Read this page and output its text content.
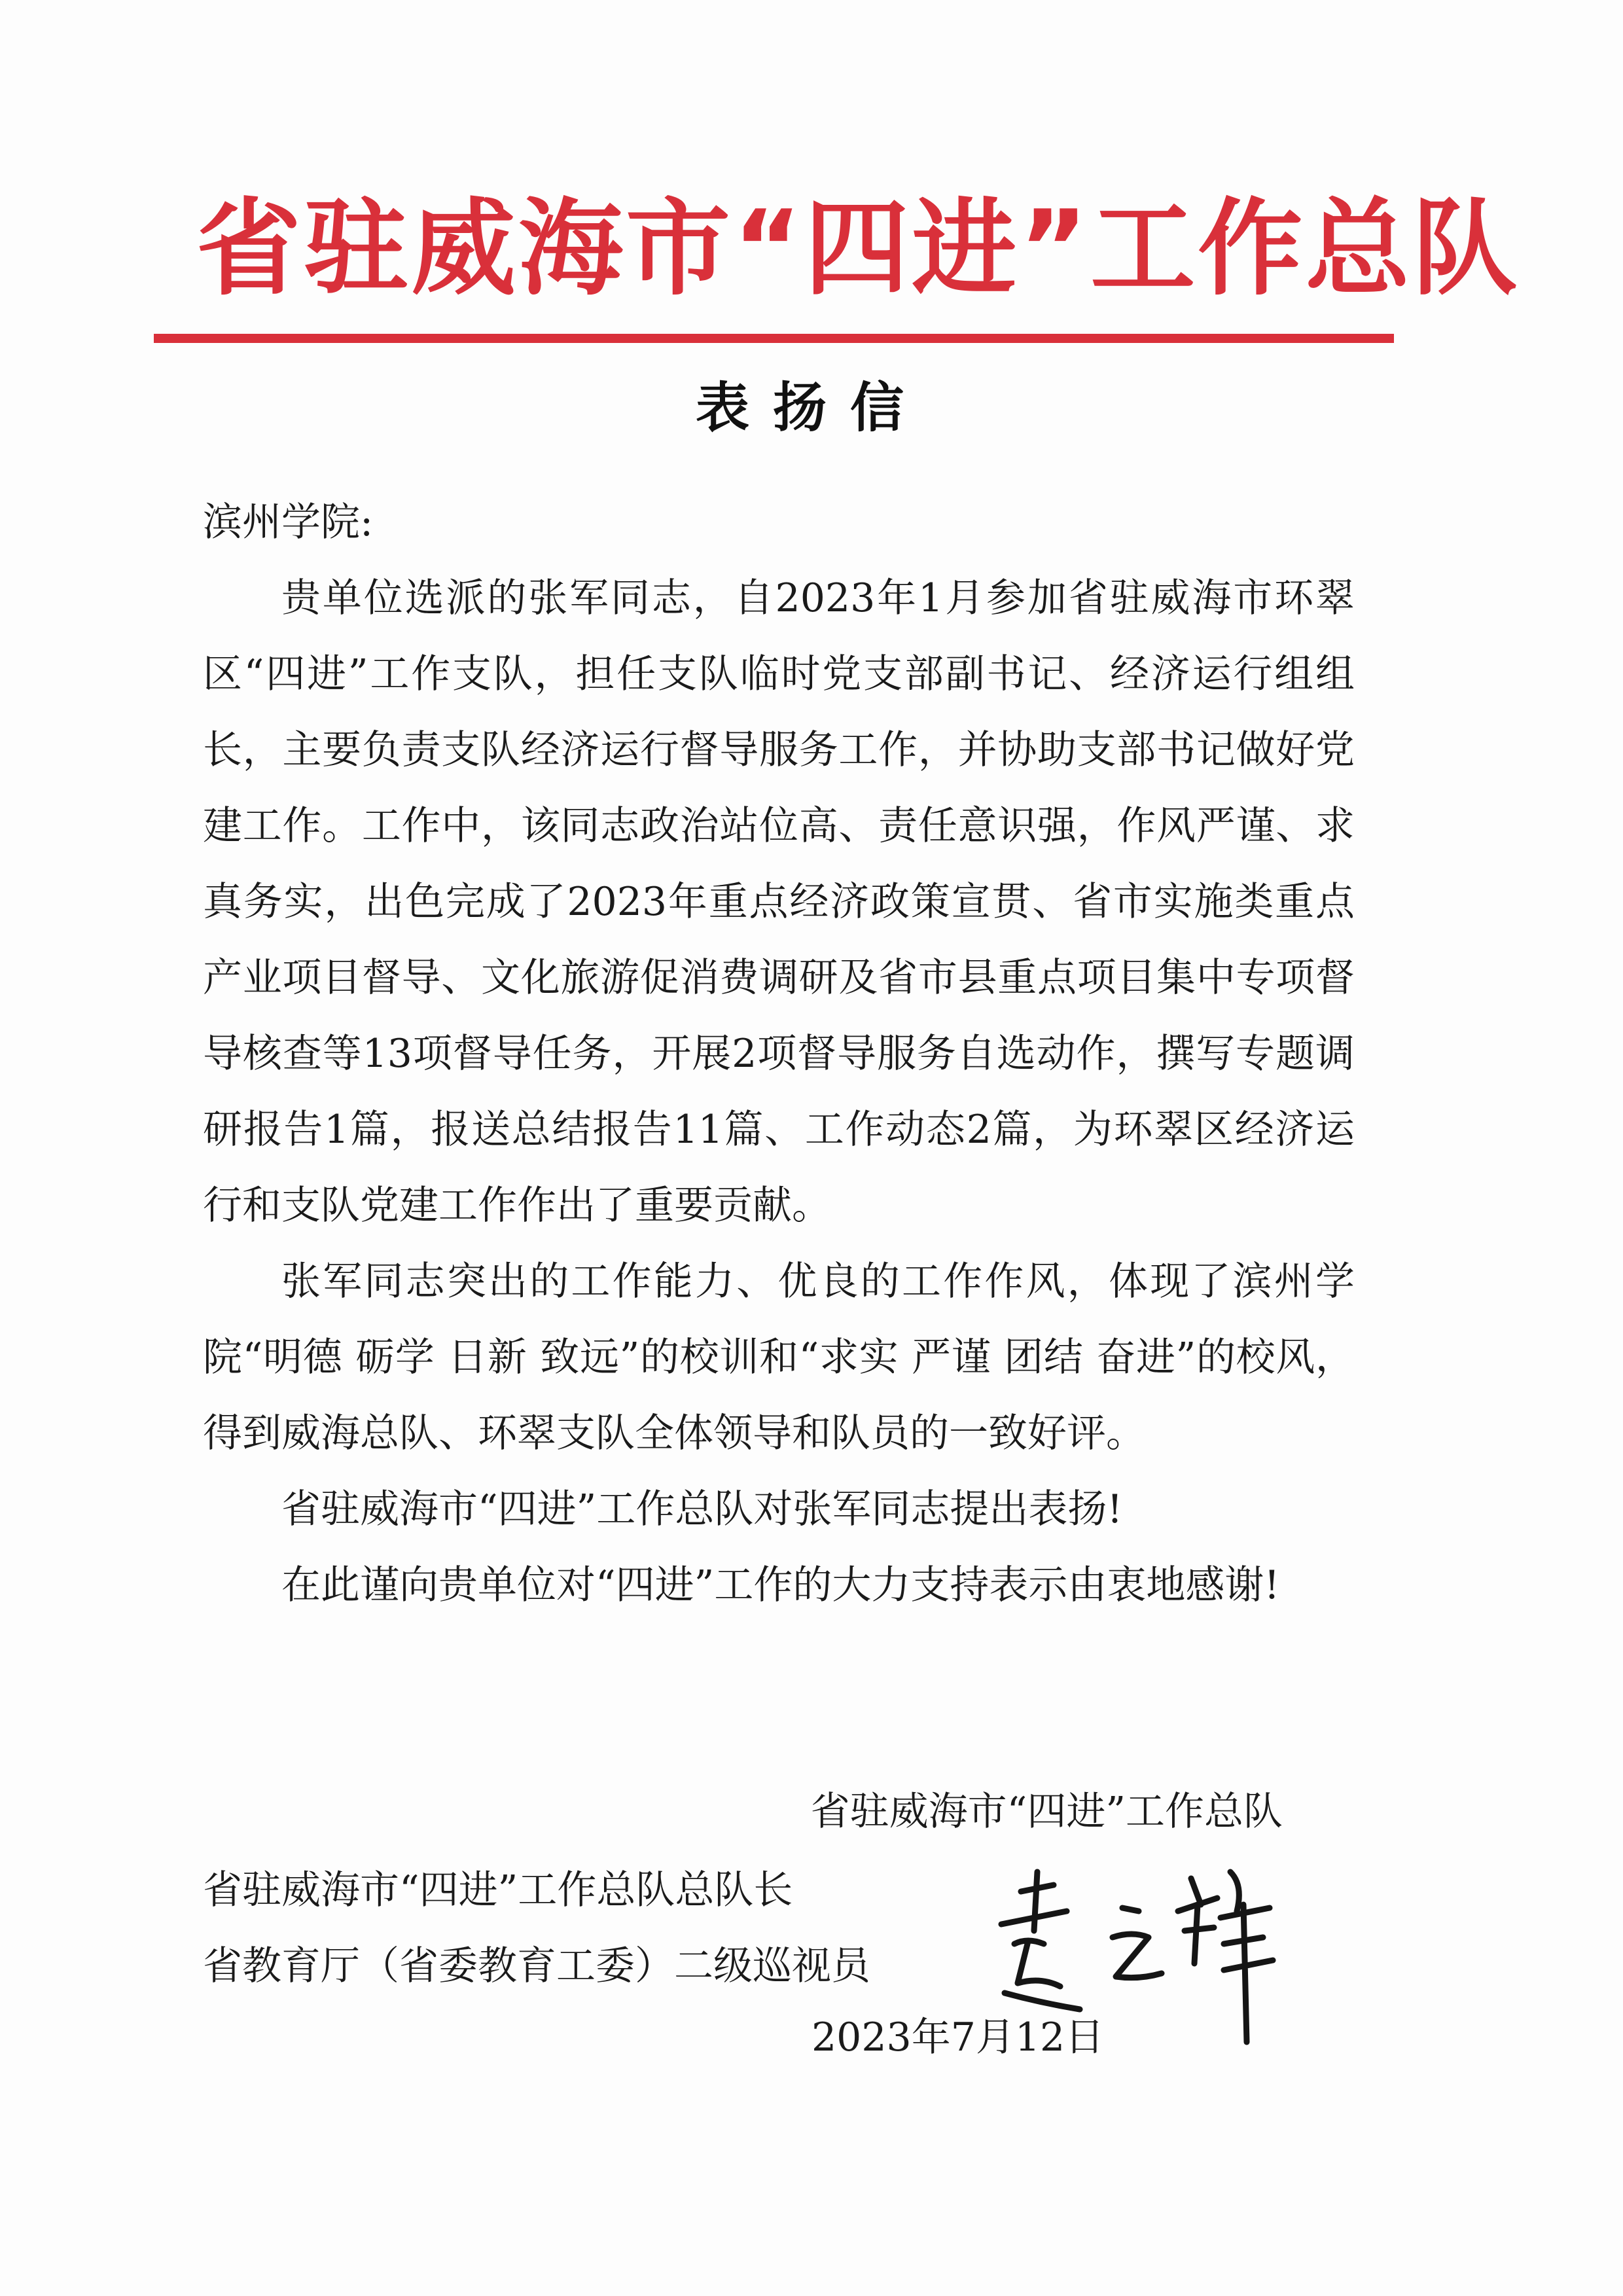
省驻威海市“四进”工作总队
表扬信

滨州学院:

贵单位选派的张军同志，自2023年1月参加省驻威海市环翠区“四进”工作支队，担任支队临时党支部副书记、经济运行组组长，主要负责支队经济运行督导服务工作，并协助支部书记做好党建工作。工作中，该同志政治站位高、责任意识强，作风严谨、求真务实，出色完成了2023年重点经济政策宣贯、省市实施类重点产业项目督导、文化旅游促消费调研及省市县重点项目集中专项督导核查等13项督导任务，开展2项督导服务自选动作，撰写专题调研报告1篇，报送总结报告11篇、工作动态2篇，为环翠区经济运行和支队党建工作作出了重要贡献。

张军同志突出的工作能力、优良的工作作风，体现了滨州学院“明德 砺学 日新 致远”的校训和“求实 严谨 团结 奋进”的校风，得到威海总队、环翠支队全体领导和队员的一致好评。

省驻威海市“四进”工作总队对张军同志提出表扬!

在此谨向贵单位对“四进”工作的大力支持表示由衷地感谢!

省驻威海市“四进”工作总队
省驻威海市“四进”工作总队总队长
省教育厅（省委教育工委）二级巡视员
2023年7月12日
